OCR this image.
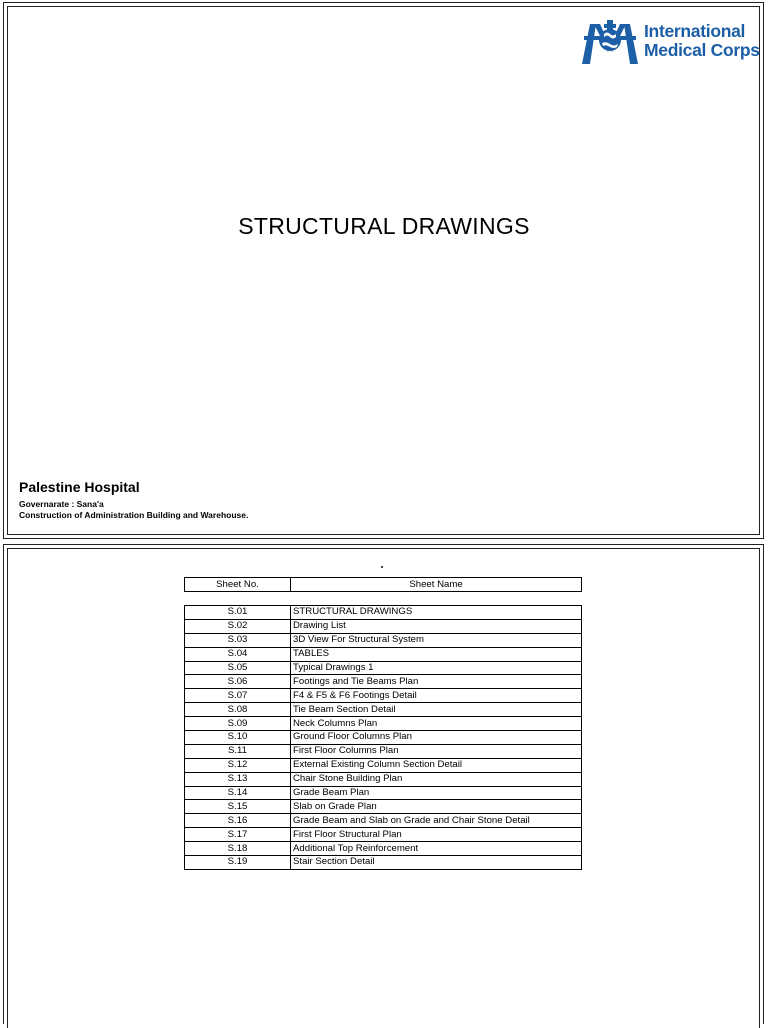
International
Medical Corps
STRUCTURAL DRAWINGS
Palestine Hospital
Governarate : Sana'a
Construction of Administration Building and Warehouse.
Sheet No.	Sheet Name
S.01	STRUCTURAL DRAWINGS
S.02	Drawing List
S.03	3D View For Structural System
S.04	TABLES
S.05	Typical Drawings 1
S.06	Footings and Tie Beams Plan
S.07	F4 & F5 & F6 Footings Detail
S.08	Tie Beam Section Detail
S.09	Neck Columns Plan
S.10	Ground Floor Columns Plan
S.11	First Floor Columns Plan
S.12	External Existing Column Section Detail
S.13	Chair Stone Building Plan
S.14	Grade Beam Plan
S.15	Slab on Grade Plan
S.16	Grade Beam and Slab on Grade and Chair Stone Detail
S.17	First Floor Structural Plan
S.18	Additional Top Reinforcement
S.19	Stair Section Detail
